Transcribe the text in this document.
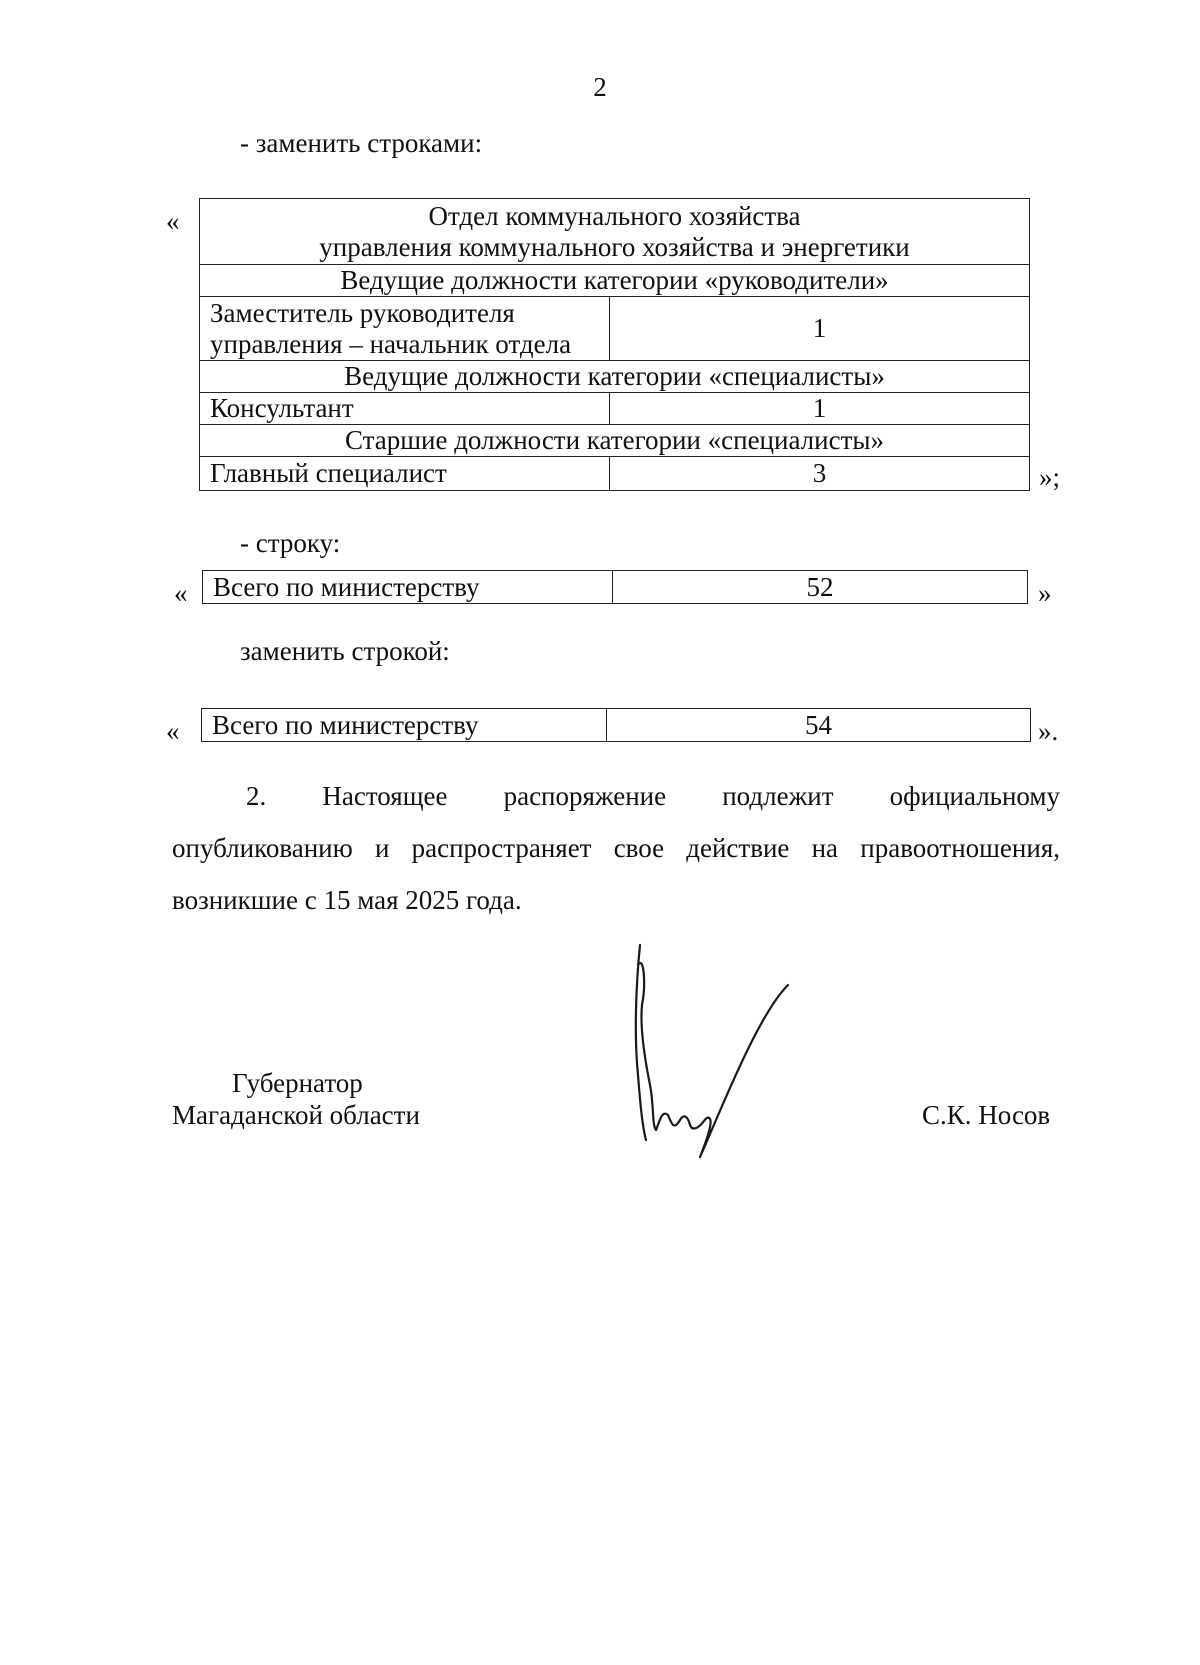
2
- заменить строками:
«	Отдел коммунального хозяйства
управления коммунального хозяйства и энергетики	

Ведущие должности категории «руководители»	

Заместитель руководителя
управления – начальник отдела	1
Ведущие должности категории «специалисты»	
Консультант	1
Старшие должности категории «специалисты»	
Главный специалист	3	»;
- строку:
« Всего по министерству	52	»
заменить строкой:
« Всего по министерству	54	».
2. Настоящее распоряжение подлежит официальному
опубликованию и распространяет свое действие на правоотношения,
возникшие с 15 мая 2025 года.
Губернатор
Магаданской области	С.К. Носов
